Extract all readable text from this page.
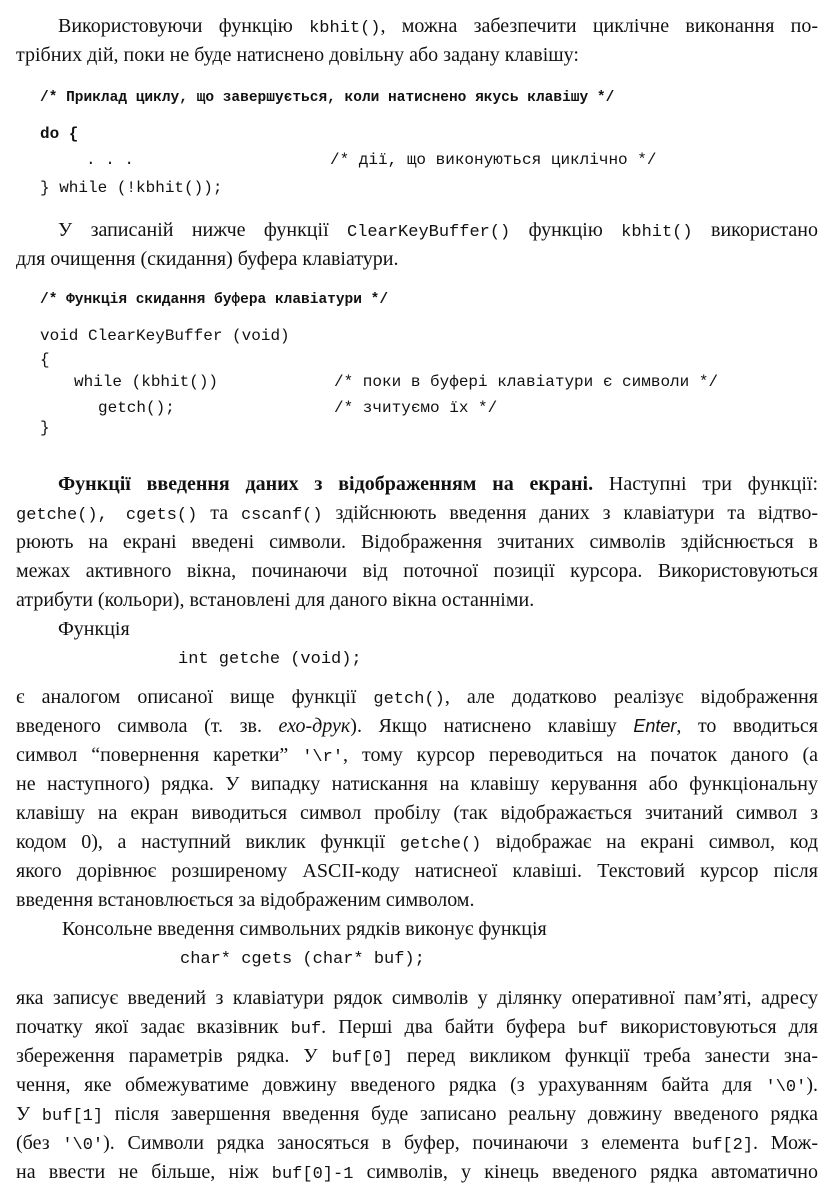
Використовуючи функцію kbhit(), можна забезпечити циклічне виконання по-
трібних дій, поки не буде натиснено довільну або задану клавішу:
/* Приклад циклу, що завершується, коли натиснено якусь клавішу */
do {
. . .	/* дії, що виконуються циклічно */
} while (!kbhit());
У записаній нижче функції ClearKeyBuffer() функцію kbhit() використано
для очищення (скидання) буфера клавіатури.
/* Функція скидання буфера клавіатури */
void ClearKeyBuffer (void)
{
while (kbhit())	/* поки в буфері клавіатури є символи */
getch();	/* зчитуємо їх */
}
Функції введення даних з відображенням на екрані. Наступні три функції:
getche(), cgets() та cscanf() здійснюють введення даних з клавіатури та відтво-
рюють на екрані введені символи. Відображення зчитаних символів здійснюється в
межах активного вікна, починаючи від поточної позиції курсора. Використовуються
атрибути (кольори), встановлені для даного вікна останніми.
Функція
int getche (void);
є аналогом описаної вище функції getch(), але додатково реалізує відображення
введеного символа (т. зв. ехо-друк). Якщо натиснено клавішу Enter, то вводиться
символ “повернення каретки” '\r', тому курсор переводиться на початок даного (а
не наступного) рядка. У випадку натискання на клавішу керування або функціональну
клавішу на екран виводиться символ пробілу (так відображається зчитаний символ з
кодом 0), а наступний виклик функції getche() відображає на екрані символ, код
якого дорівнює розширеному ASCII-коду натиснеої клавіші. Текстовий курсор після
введення встановлюється за відображеним символом.
Консольне введення символьних рядків виконує функція
char* cgets (char* buf);
яка записує введений з клавіатури рядок символів у ділянку оперативної пам’яті, адресу
початку якої задає вказівник buf. Перші два байти буфера buf використовуються для
збереження параметрів рядка. У buf[0] перед викликом функції треба занести зна-
чення, яке обмежуватиме довжину введеного рядка (з урахуванням байта для '\0').
У buf[1] після завершення введення буде записано реальну довжину введеного рядка
(без '\0'). Символи рядка заносяться в буфер, починаючи з елемента buf[2]. Мож-
на ввести не більше, ніж buf[0]-1 символів, у кінець введеного рядка автоматично
